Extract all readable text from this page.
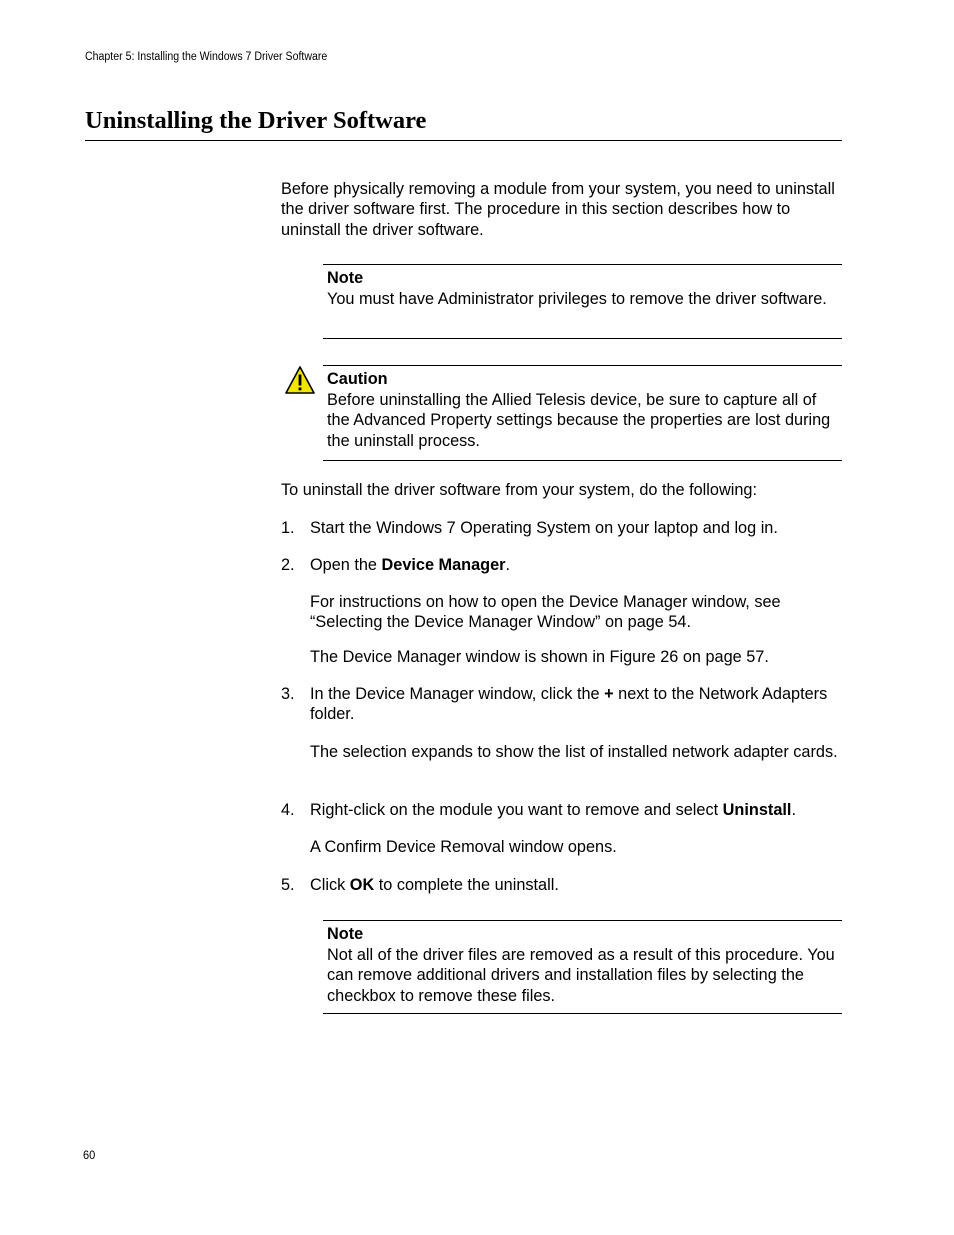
Chapter 5: Installing the Windows 7 Driver Software
Uninstalling the Driver Software

Before physically removing a module from your system, you need to uninstall the driver software first. The procedure in this section describes how to uninstall the driver software.

Note
You must have Administrator privileges to remove the driver software.
Caution
Before uninstalling the Allied Telesis device, be sure to capture all of the Advanced Property settings because the properties are lost during the uninstall process.

To uninstall the driver software from your system, do the following:

1. Start the Windows 7 Operating System on your laptop and log in.
2. Open the Device Manager.

For instructions on how to open the Device Manager window, see “Selecting the Device Manager Window” on page 54.

The Device Manager window is shown in Figure 26 on page 57.

3. In the Device Manager window, click the + next to the Network Adapters folder.

The selection expands to show the list of installed network adapter cards.

4. Right-click on the module you want to remove and select Uninstall.

A Confirm Device Removal window opens.

5. Click OK to complete the uninstall.
Note
Not all of the driver files are removed as a result of this procedure. You can remove additional drivers and installation files by selecting the checkbox to remove these files.
60
